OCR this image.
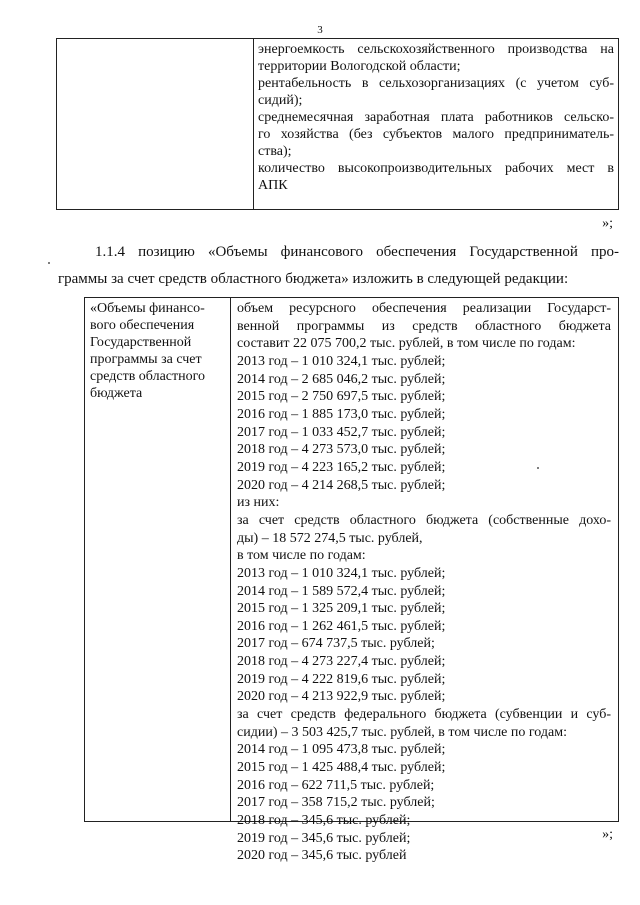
3
энергоемкость сельскохозяйственного производства на
территории Вологодской области;
рентабельность в сельхозорганизациях (с учетом суб-
сидий);
среднемесячная заработная плата работников сельско-
го хозяйства (без субъектов малого предприниматель-
ства);
количество высокопроизводительных рабочих мест в
АПК
»;
1.1.4 позицию «Объемы финансового обеспечения Государственной про-
граммы за счет средств областного бюджета» изложить в следующей редакции:
«Объемы финансо-
вого обеспечения
Государственной
программы за счет
средств областного
бюджета
объем ресурсного обеспечения реализации Государст-
венной программы из средств областного бюджета
составит 22 075 700,2 тыс. рублей, в том числе по годам:
2013 год – 1 010 324,1 тыс. рублей;
2014 год – 2 685 046,2 тыс. рублей;
2015 год – 2 750 697,5 тыс. рублей;
2016 год – 1 885 173,0 тыс. рублей;
2017 год – 1 033 452,7 тыс. рублей;
2018 год – 4 273 573,0 тыс. рублей;
2019 год – 4 223 165,2 тыс. рублей;
2020 год – 4 214 268,5 тыс. рублей;
из них:
за счет средств областного бюджета (собственные дохо-
ды) – 18 572 274,5 тыс. рублей,
в том числе по годам:
2013 год – 1 010 324,1 тыс. рублей;
2014 год – 1 589 572,4 тыс. рублей;
2015 год – 1 325 209,1 тыс. рублей;
2016 год – 1 262 461,5 тыс. рублей;
2017 год – 674 737,5 тыс. рублей;
2018 год – 4 273 227,4 тыс. рублей;
2019 год – 4 222 819,6 тыс. рублей;
2020 год – 4 213 922,9 тыс. рублей;
за счет средств федерального бюджета (субвенции и суб-
сидии) – 3 503 425,7 тыс. рублей, в том числе по годам:
2014 год – 1 095 473,8 тыс. рублей;
2015 год – 1 425 488,4 тыс. рублей;
2016 год – 622 711,5 тыс. рублей;
2017 год – 358 715,2 тыс. рублей;
2018 год – 345,6 тыс. рублей;
2019 год – 345,6 тыс. рублей;
2020 год – 345,6 тыс. рублей
»;
